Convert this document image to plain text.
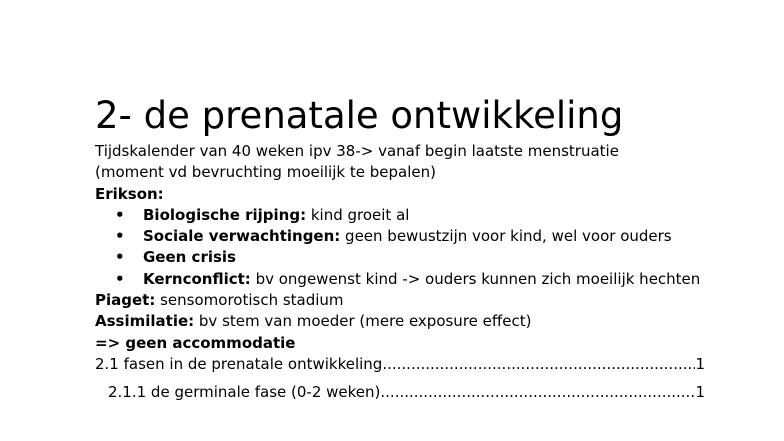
2- de prenatale ontwikkeling
Tijdskalender van 40 weken ipv 38-> vanaf begin laatste menstruatie
(moment vd bevruchting moeilijk te bepalen)
Erikson:
• Biologische rijping: kind groeit al
• Sociale verwachtingen: geen bewustzijn voor kind, wel voor ouders
• Geen crisis
• Kernconflict: bv ongewenst kind -> ouders kunnen zich moeilijk hechten
Piaget: sensomorotisch stadium
Assimilatie: bv stem van moeder (mere exposure effect)
=> geen accommodatie
2.1 fasen in de prenatale ontwikkeling .....	1
2.1.1 de germinale fase (0-2 weken) .....	1
